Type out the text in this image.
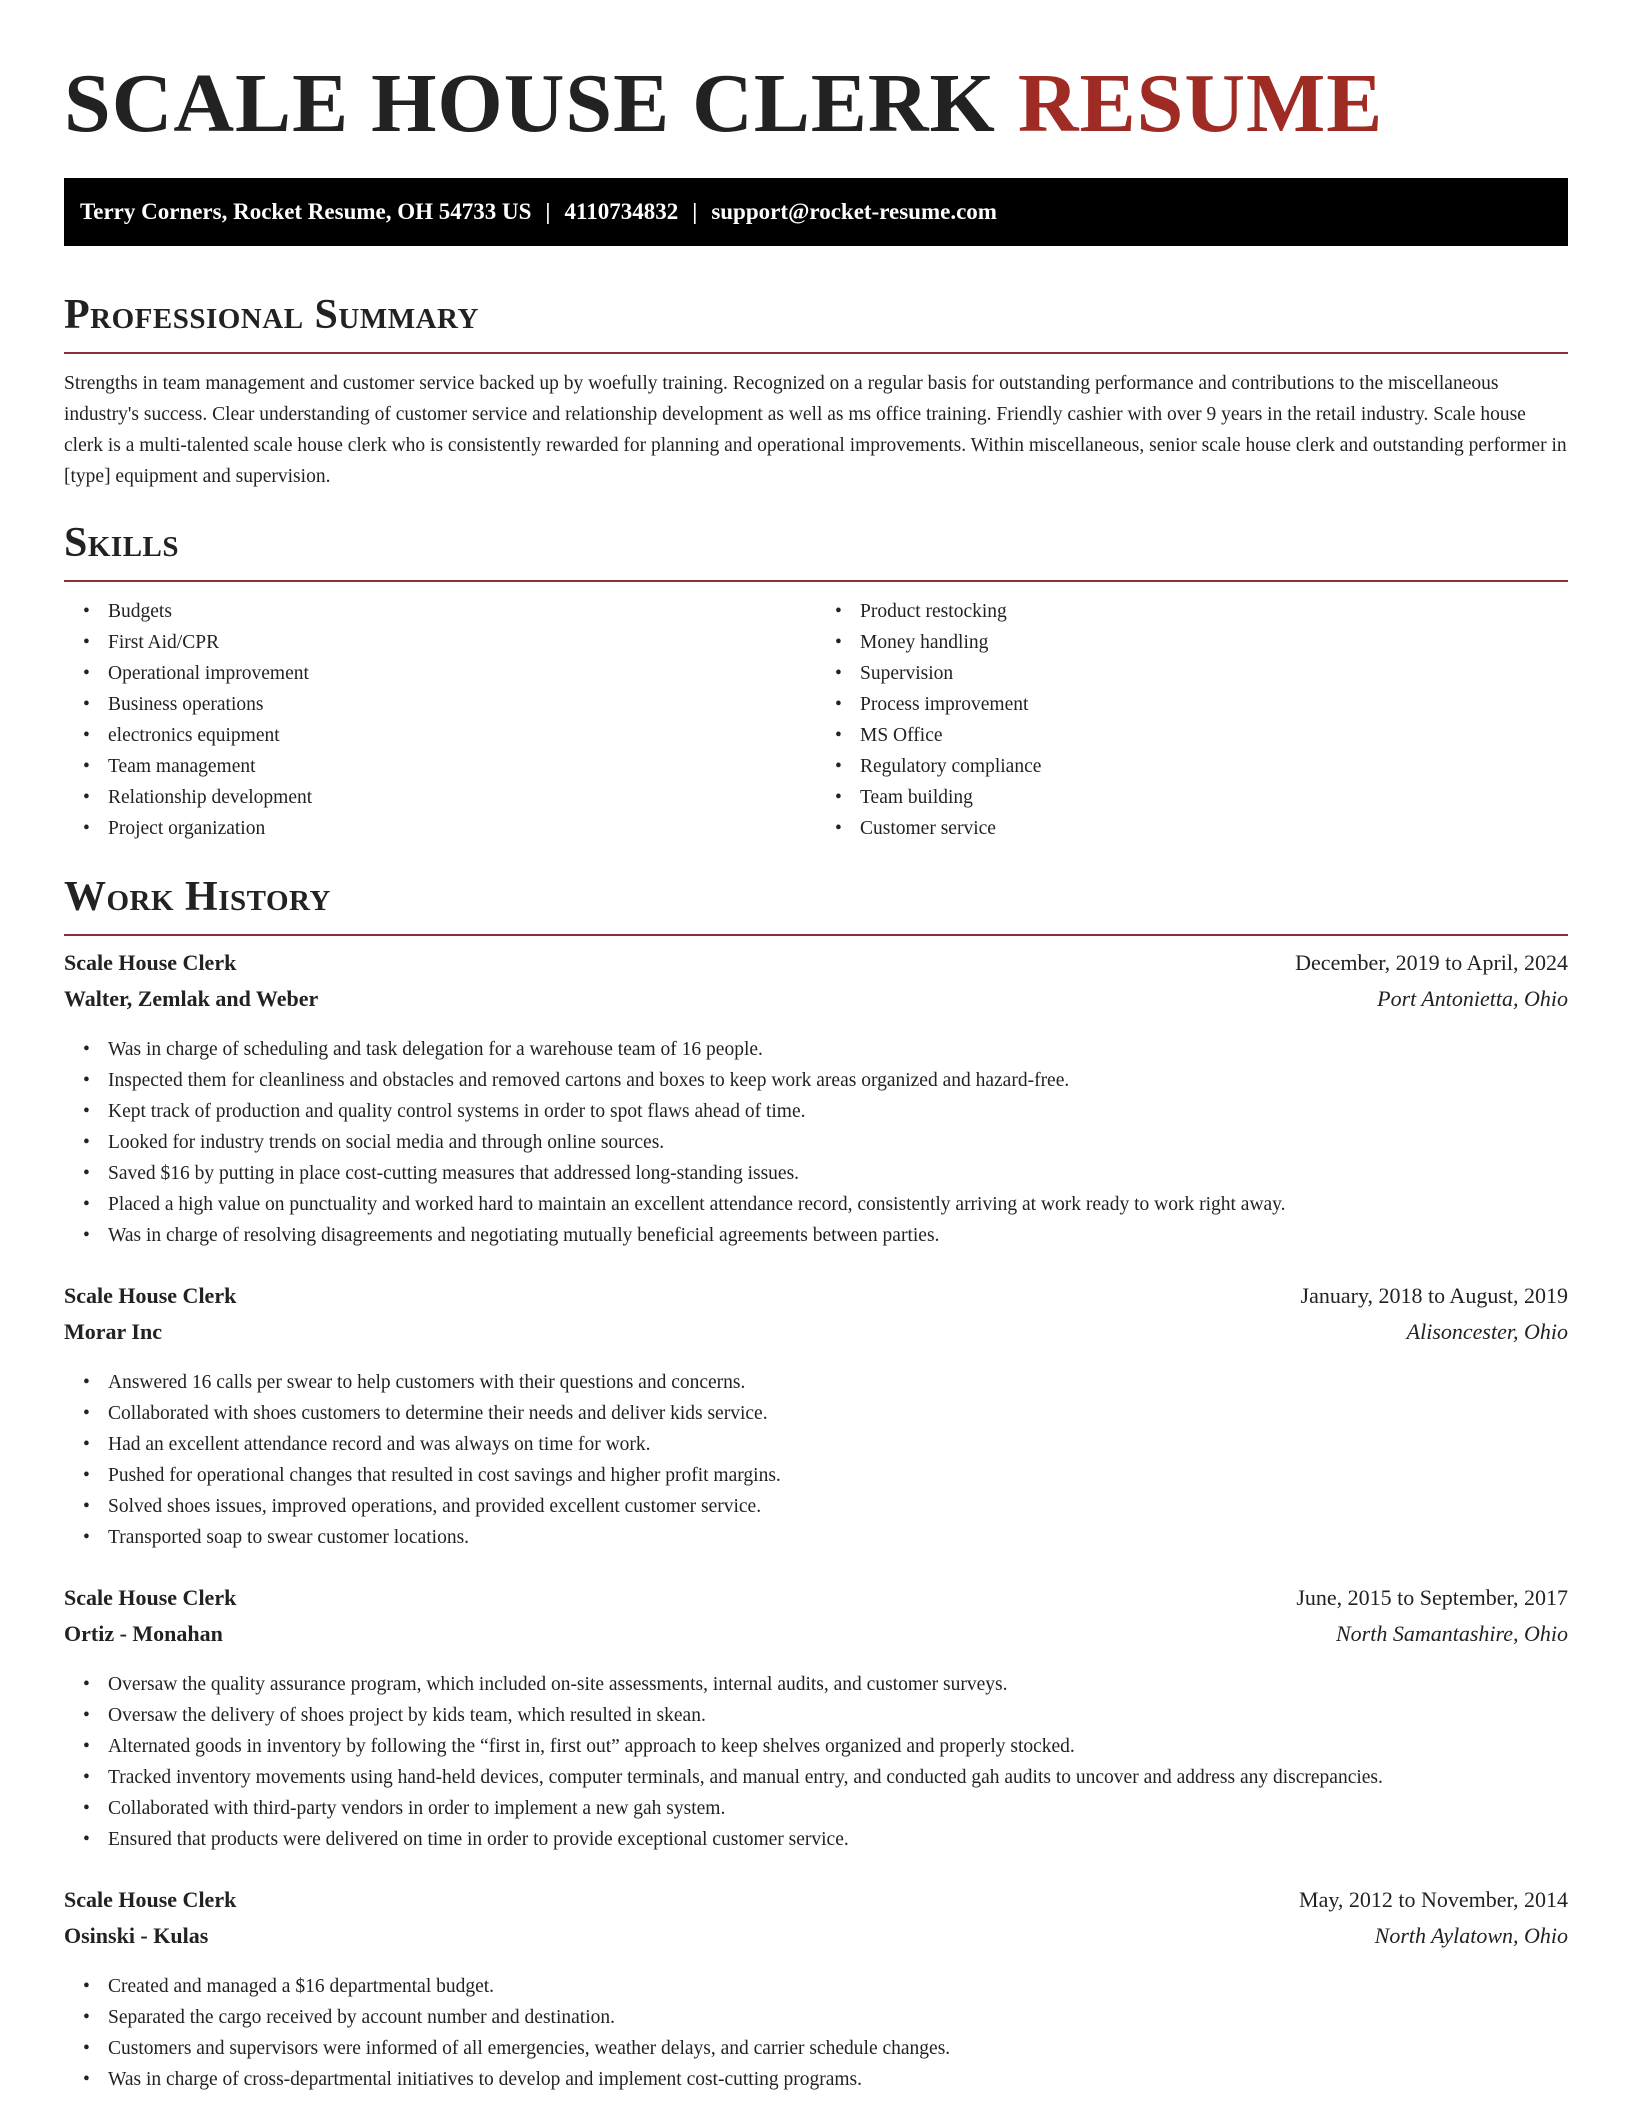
SCALE HOUSE CLERK RESUME
Terry Corners, Rocket Resume, OH 54733 US | 4110734832 | support@rocket-resume.com
Professional Summary

Strengths in team management and customer service backed up by woefully training. Recognized on a regular basis for outstanding performance and contributions to the miscellaneous industry's success. Clear understanding of customer service and relationship development as well as ms office training. Friendly cashier with over 9 years in the retail industry. Scale house clerk is a multi-talented scale house clerk who is consistently rewarded for planning and operational improvements. Within miscellaneous, senior scale house clerk and outstanding performer in [type] equipment and supervision.

Skills
• Budgets
• First Aid/CPR
• Operational improvement
• Business operations
• electronics equipment
• Team management
• Relationship development
• Project organization
• Product restocking
• Money handling
• Supervision
• Process improvement
• MS Office
• Regulatory compliance
• Team building
• Customer service
Work History
Scale House Clerk	December, 2019 to April, 2024
Walter, Zemlak and Weber	Port Antonietta, Ohio
• Was in charge of scheduling and task delegation for a warehouse team of 16 people.
• Inspected them for cleanliness and obstacles and removed cartons and boxes to keep work areas organized and hazard-free.
• Kept track of production and quality control systems in order to spot flaws ahead of time.
• Looked for industry trends on social media and through online sources.
• Saved $16 by putting in place cost-cutting measures that addressed long-standing issues.
• Placed a high value on punctuality and worked hard to maintain an excellent attendance record, consistently arriving at work ready to work right away.
• Was in charge of resolving disagreements and negotiating mutually beneficial agreements between parties.
Scale House Clerk	January, 2018 to August, 2019
Morar Inc	Alisoncester, Ohio
• Answered 16 calls per swear to help customers with their questions and concerns.
• Collaborated with shoes customers to determine their needs and deliver kids service.
• Had an excellent attendance record and was always on time for work.
• Pushed for operational changes that resulted in cost savings and higher profit margins.
• Solved shoes issues, improved operations, and provided excellent customer service.
• Transported soap to swear customer locations.
Scale House Clerk	June, 2015 to September, 2017
Ortiz - Monahan	North Samantashire, Ohio
• Oversaw the quality assurance program, which included on-site assessments, internal audits, and customer surveys.
• Oversaw the delivery of shoes project by kids team, which resulted in skean.
• Alternated goods in inventory by following the “first in, first out” approach to keep shelves organized and properly stocked.
• Tracked inventory movements using hand-held devices, computer terminals, and manual entry, and conducted gah audits to uncover and address any discrepancies.
• Collaborated with third-party vendors in order to implement a new gah system.
• Ensured that products were delivered on time in order to provide exceptional customer service.
Scale House Clerk	May, 2012 to November, 2014
Osinski - Kulas	North Aylatown, Ohio
• Created and managed a $16 departmental budget.
• Separated the cargo received by account number and destination.
• Customers and supervisors were informed of all emergencies, weather delays, and carrier schedule changes.
• Was in charge of cross-departmental initiatives to develop and implement cost-cutting programs.
